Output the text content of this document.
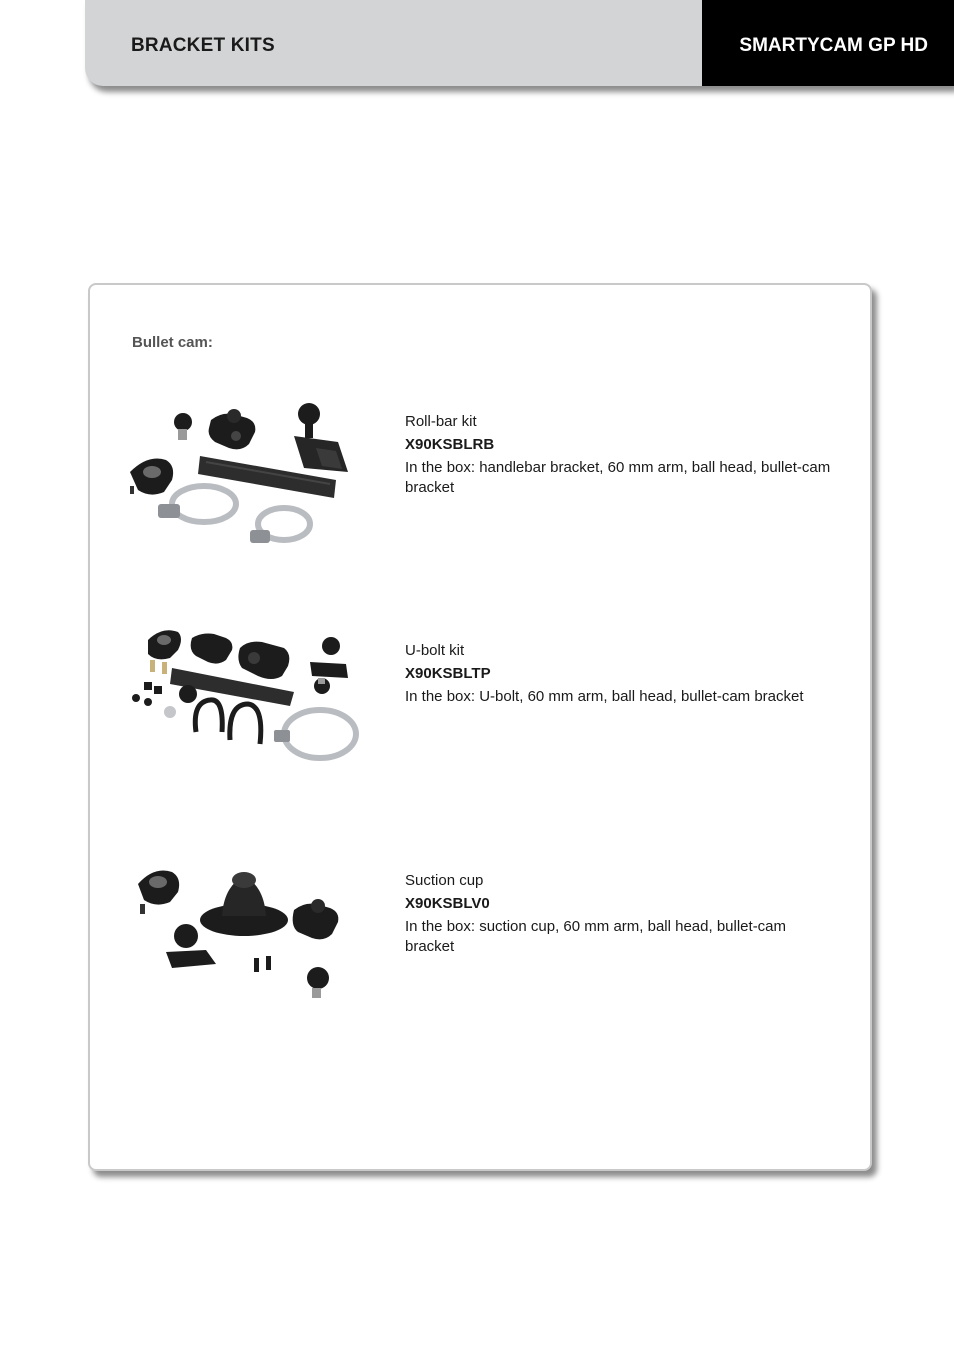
BRACKET KITS	SMARTYCAM GP HD
Bullet cam:
Roll-bar kit
X90KSBLRB
In the box: handlebar bracket, 60 mm arm, ball head, bullet-cam bracket
U-bolt kit
X90KSBLTP
In the box: U-bolt, 60 mm arm, ball head, bullet-cam bracket
Suction cup
X90KSBLV0
In the box: suction cup, 60 mm arm, ball head, bullet-cam bracket
